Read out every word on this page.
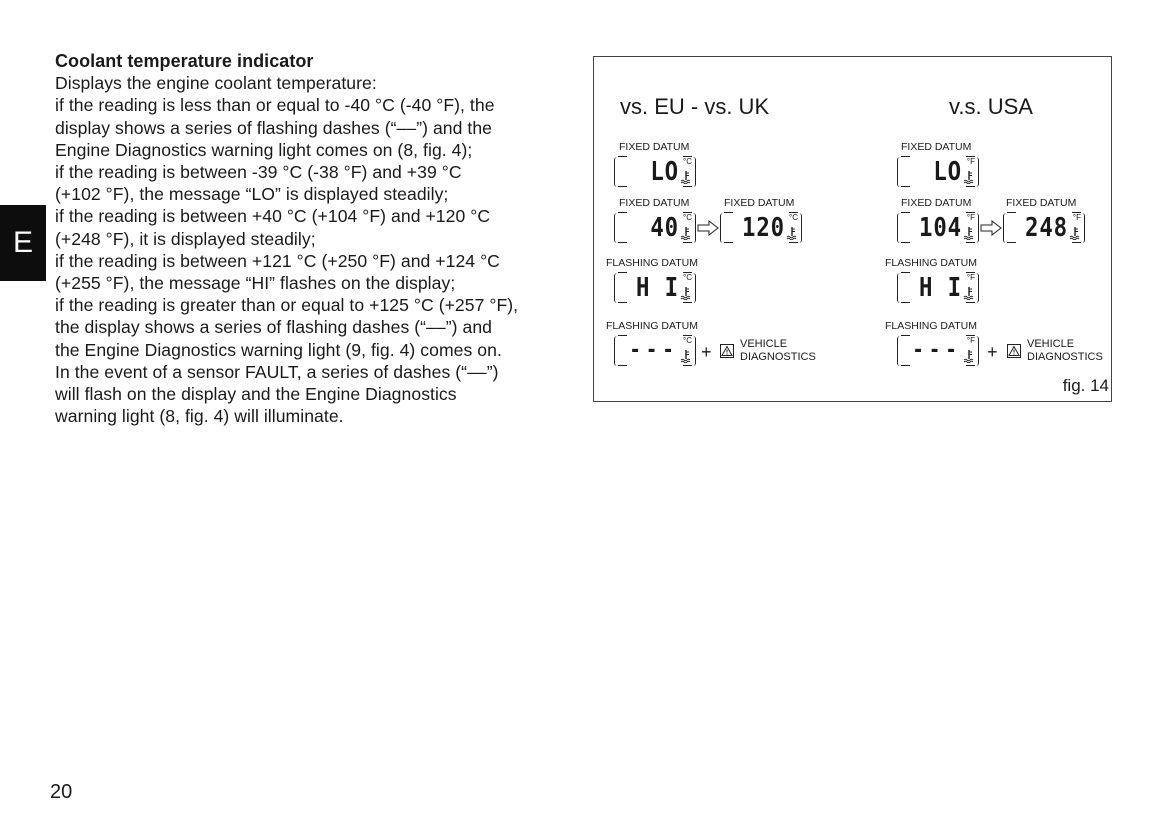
Coolant temperature indicator
Displays the engine coolant temperature:
if the reading is less than or equal to -40 °C (-40 °F), the
display shows a series of flashing dashes (“––”) and the
Engine Diagnostics warning light comes on (8, fig. 4);
if the reading is between -39 °C (-38 °F) and +39 °C
(+102 °F), the message “LO” is displayed steadily;
if the reading is between +40 °C (+104 °F) and +120 °C
(+248 °F), it is displayed steadily;
if the reading is between +121 °C (+250 °F) and +124 °C
(+255 °F), the message “HI” flashes on the display;
if the reading is greater than or equal to +125 °C (+257 °F),
the display shows a series of flashing dashes (“––”) and
the Engine Diagnostics warning light (9, fig. 4) comes on.
In the event of a sensor FAULT, a series of dashes (“––”)
will flash on the display and the Engine Diagnostics
warning light (8, fig. 4) will illuminate.
E
20
vs. EU - vs. UK
FIXED DATUM
LO °C
FIXED DATUM
40 °C
FIXED DATUM
120 °C
FLASHING DATUM
H I °C
FLASHING DATUM
--- °C
+	VEHICLE
DIAGNOSTICS
v.s. USA
FIXED DATUM
LO °F
FIXED DATUM
104 °F
FIXED DATUM
248 °F
FLASHING DATUM
H I °F
FLASHING DATUM
--- °F
+	VEHICLE
DIAGNOSTICS
fig. 14
